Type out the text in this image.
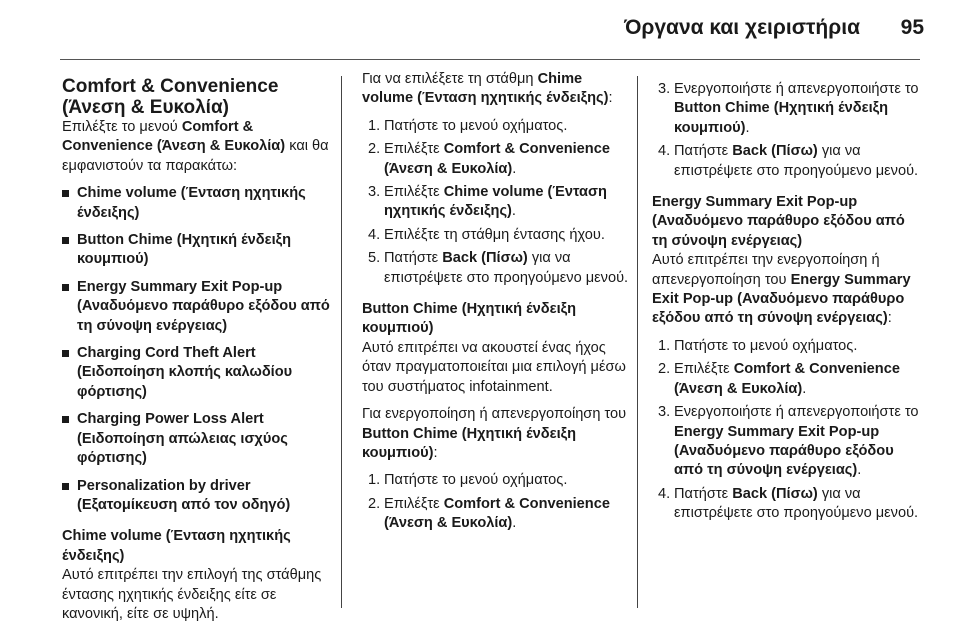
Όργανα και χειριστήρια 95
Comfort & Convenience (Άνεση & Ευκολία)

Επιλέξτε το μενού Comfort & Convenience (Άνεση & Ευκολία) και θα εμφανιστούν τα παρακάτω:

Chime volume (Ένταση ηχητικής ένδειξης)
Button Chime (Ηχητική ένδειξη κουμπιού)
Energy Summary Exit Pop-up (Αναδυόμενο παράθυρο εξόδου από τη σύνοψη ενέργειας)
Charging Cord Theft Alert (Ειδοποίηση κλοπής καλωδίου φόρτισης)
Charging Power Loss Alert (Ειδοποίηση απώλειας ισχύος φόρτισης)
Personalization by driver (Εξατομίκευση από τον οδηγό)

Chime volume (Ένταση ηχητικής ένδειξης)

Αυτό επιτρέπει την επιλογή της στάθμης έντασης ηχητικής ένδειξης είτε σε κανονική, είτε σε υψηλή.

Για να επιλέξετε τη στάθμη Chime volume (Ένταση ηχητικής ένδειξης):

1. Πατήστε το μενού οχήματος.
2. Επιλέξτε Comfort & Convenience (Άνεση & Ευκολία).
3. Επιλέξτε Chime volume (Ένταση ηχητικής ένδειξης).
4. Επιλέξτε τη στάθμη έντασης ήχου.
5. Πατήστε Back (Πίσω) για να επιστρέψετε στο προηγούμενο μενού.

Button Chime (Ηχητική ένδειξη κουμπιού)

Αυτό επιτρέπει να ακουστεί ένας ήχος όταν πραγματοποιείται μια επιλογή μέσω του συστήματος infotainment.

Για ενεργοποίηση ή απενεργοποίηση του Button Chime (Ηχητική ένδειξη κουμπιού):

1. Πατήστε το μενού οχήματος.
2. Επιλέξτε Comfort & Convenience (Άνεση & Ευκολία).
3. Ενεργοποιήστε ή απενεργοποιήστε το Button Chime (Ηχητική ένδειξη κουμπιού).
4. Πατήστε Back (Πίσω) για να επιστρέψετε στο προηγούμενο μενού.

Energy Summary Exit Pop-up (Αναδυόμενο παράθυρο εξόδου από τη σύνοψη ενέργειας)

Αυτό επιτρέπει την ενεργοποίηση ή απενεργοποίηση του Energy Summary Exit Pop-up (Αναδυόμενο παράθυρο εξόδου από τη σύνοψη ενέργειας):

1. Πατήστε το μενού οχήματος.
2. Επιλέξτε Comfort & Convenience (Άνεση & Ευκολία).
3. Ενεργοποιήστε ή απενεργοποιήστε το Energy Summary Exit Pop-up (Αναδυόμενο παράθυρο εξόδου από τη σύνοψη ενέργειας).
4. Πατήστε Back (Πίσω) για να επιστρέψετε στο προηγούμενο μενού.
